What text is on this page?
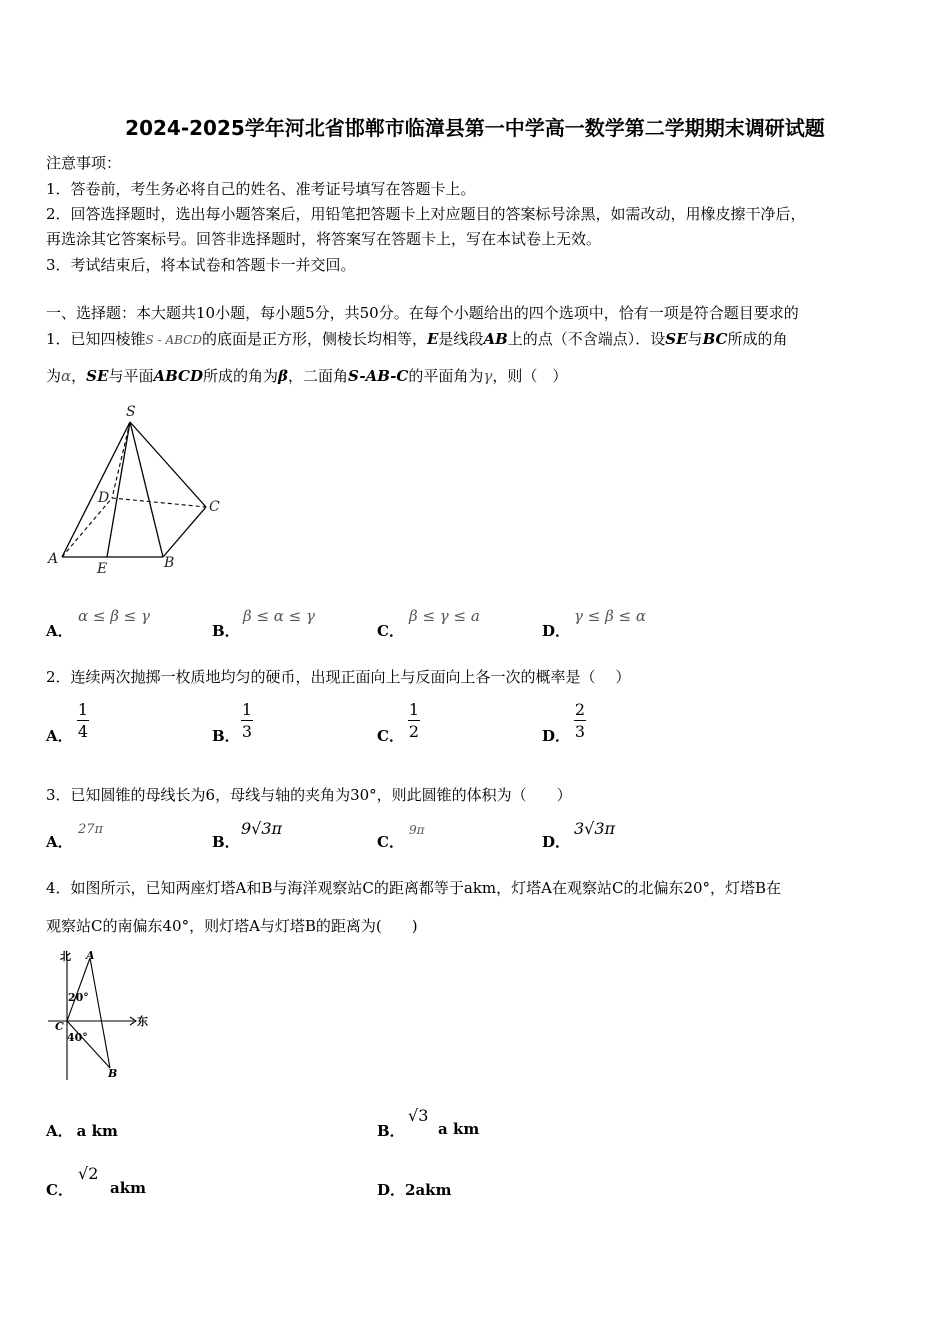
2024-2025学年河北省邯郸市临漳县第一中学高一数学第二学期期末调研试题
注意事项：
1．答卷前，考生务必将自己的姓名、准考证号填写在答题卡上。
2．回答选择题时，选出每小题答案后，用铅笔把答题卡上对应题目的答案标号涂黑，如需改动，用橡皮擦干净后，
再选涂其它答案标号。回答非选择题时，将答案写在答题卡上，写在本试卷上无效。
3．考试结束后，将本试卷和答题卡一并交回。
一、选择题：本大题共10小题，每小题5分，共50分。在每个小题给出的四个选项中，恰有一项是符合题目要求的
1．已知四棱锥S - ABCD的底面是正方形，侧棱长均相等，E是线段AB上的点（不含端点）．设SE与BC所成的角
为α，SE与平面ABCD所成的角为β，二面角S-AB-C的平面角为γ，则（　）
S
D
C
A
E	B
A．
α ≤ β ≤ γ
B．
β ≤ α ≤ γ
C．
β ≤ γ ≤ a
D．
γ ≤ β ≤ α
2．连续两次抛掷一枚质地均匀的硬币，出现正面向上与反面向上各一次的概率是（　 ）
A．
1
4	B．
1
3	C．
1
2	D．
2
3
3．已知圆锥的母线长为6，母线与轴的夹角为30°，则此圆锥的体积为（　　）
A．
27π
B．
9√3π
C．
9π
D．
3√3π
4．如图所示，已知两座灯塔A和B与海洋观察站C的距离都等于akm，灯塔A在观察站C的北偏东20°，灯塔B在
观察站C的南偏东40°，则灯塔A与灯塔B的距离为(　　)
北
东
A
B
C
20°
40°
A． a km	B．
√3
a km
C．
√2
akm	D．2akm
